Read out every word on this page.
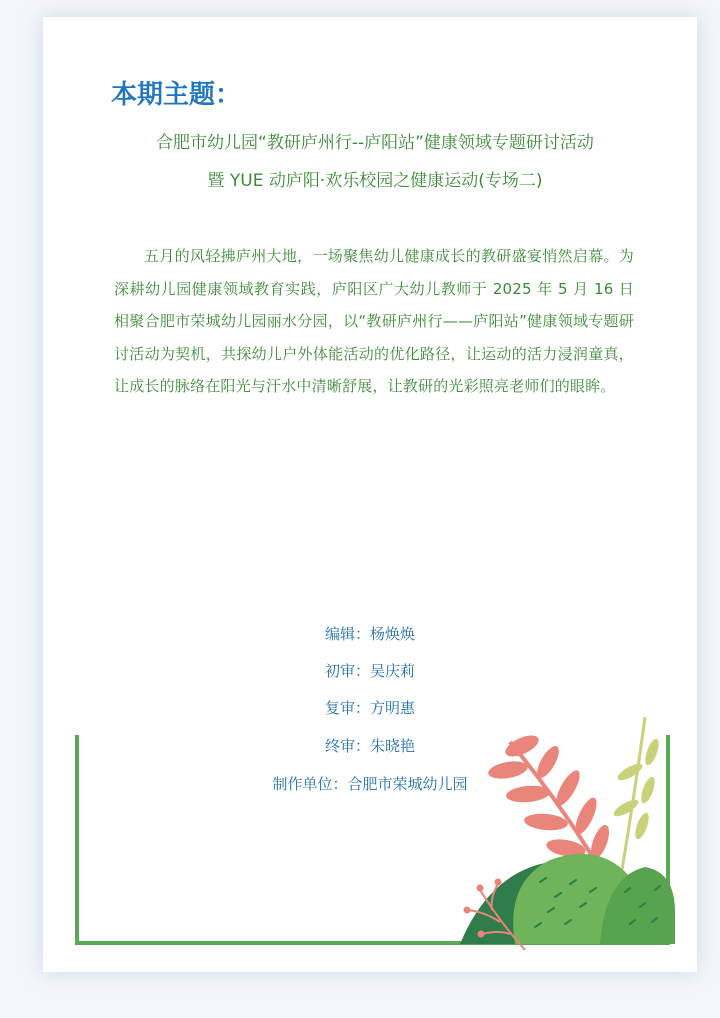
本期主题：
合肥市幼儿园“教研庐州行--庐阳站”健康领域专题研讨活动
暨 YUE 动庐阳·欢乐校园之健康运动(专场二)

五月的风轻拂庐州大地，一场聚焦幼儿健康成长的教研盛宴悄然启幕。为深耕幼儿园健康领域教育实践，庐阳区广大幼儿教师于 2025 年 5 月 16 日相聚合肥市荣城幼儿园丽水分园，以“教研庐州行——庐阳站”健康领域专题研讨活动为契机，共探幼儿户外体能活动的优化路径，让运动的活力浸润童真，让成长的脉络在阳光与汗水中清晰舒展，让教研的光彩照亮老师们的眼眸。

编辑：杨焕焕
初审：吴庆莉
复审：方明惠
终审：朱晓艳
制作单位：合肥市荣城幼儿园
